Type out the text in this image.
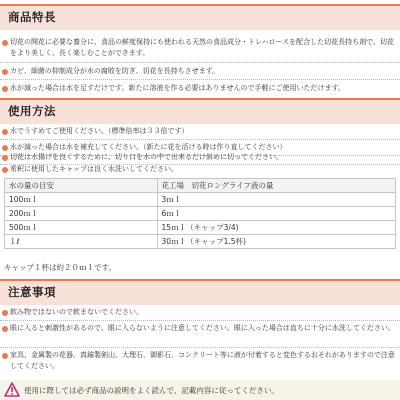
商品特長
切花の開花に必要な養分に、食品の鮮度保持にも使われる天然の食品成分・トレハロースを配合した切花長持ち剤で、切花をより美しく、長く楽しむことができます。
カビ、細菌の抑制成分が水の腐敗を防ぎ、切花を長持ちさせます。
水が減った場合は水を足すだけです。新たに溶液を作る必要はありませんので手軽にご使用いただけます。
使用方法
水でうすめてご使用ください。（標準倍率は３３倍です）
水が減った場合は水を補充してください。（新たに花を活ける時は作り直してください）
切花は水揚げを良くするために、切り口を水の中で出来るだけ斜めに切ってください。
希釈に使用したキャップは良く水洗いしてください。
水の量の目安	花工場　切花ロングライフ液の量
100ｍｌ	3ｍｌ
200ｍｌ	6ｍｌ
500ｍｌ	15ｍｌ（キャップ3/4)
１ℓ	30ｍｌ（キャップ1.5杯)
キャップ１杯は約２０ｍｌです。
注意事項
飲み物ではないので飲まないでください。
眼に入ると刺激性があるので、眼に入らないように注意してください。眼に入った場合は直ちに十分に水洗してください。
家具、金属製の花器、真鍮製剣山、大理石、御影石、コンクリート等に液が付着すると変色するおそれがありますので注意してください。
使用に際しては必ず商品の説明をよく読んで、記載内容に従ってください。
